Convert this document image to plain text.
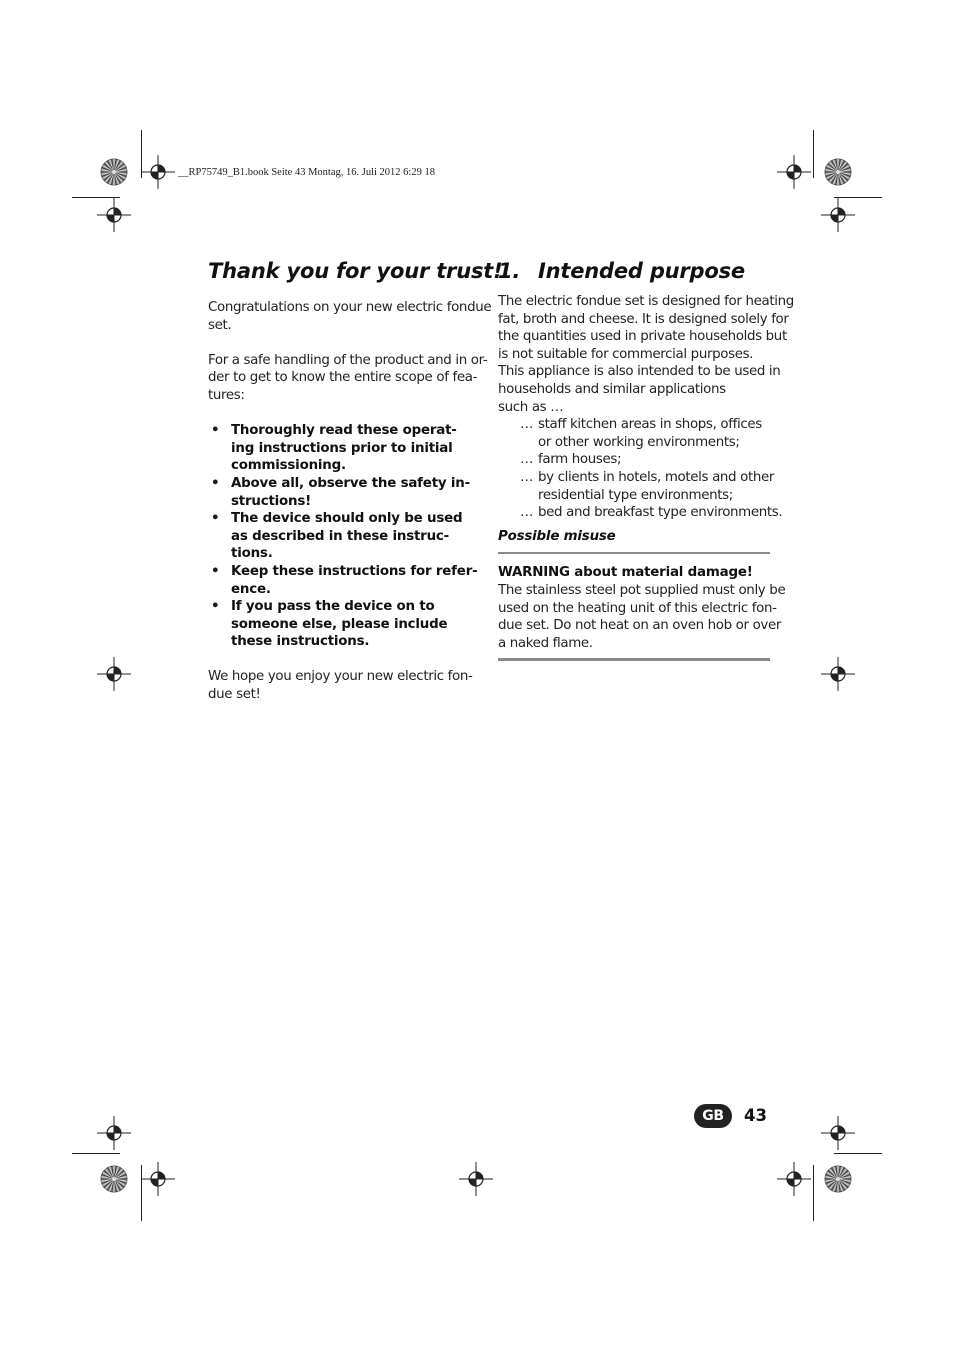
__RP75749_B1.book Seite 43 Montag, 16. Juli 2012 6:29 18
Thank you for your trust!
Congratulations on your new electric fondue
set.
For a safe handling of the product and in or-
der to get to know the entire scope of fea-
tures:
• Thoroughly read these operat-
ing instructions prior to initial
commissioning.
• Above all, observe the safety in-
structions!
• The device should only be used
as described in these instruc-
tions.
• Keep these instructions for refer-
ence.
• If you pass the device on to
someone else, please include
these instructions.
We hope you enjoy your new electric fon-
due set!
1. Intended purpose
The electric fondue set is designed for heating
fat, broth and cheese. It is designed solely for
the quantities used in private households but
is not suitable for commercial purposes.
This appliance is also intended to be used in
households and similar applications
such as …
… staff kitchen areas in shops, offices
or other working environments;
… farm houses;
… by clients in hotels, motels and other
residential type environments;
… bed and breakfast type environments.
Possible misuse
WARNING about material damage!
The stainless steel pot supplied must only be
used on the heating unit of this electric fon-
due set. Do not heat on an oven hob or over
a naked flame.
GB	43
